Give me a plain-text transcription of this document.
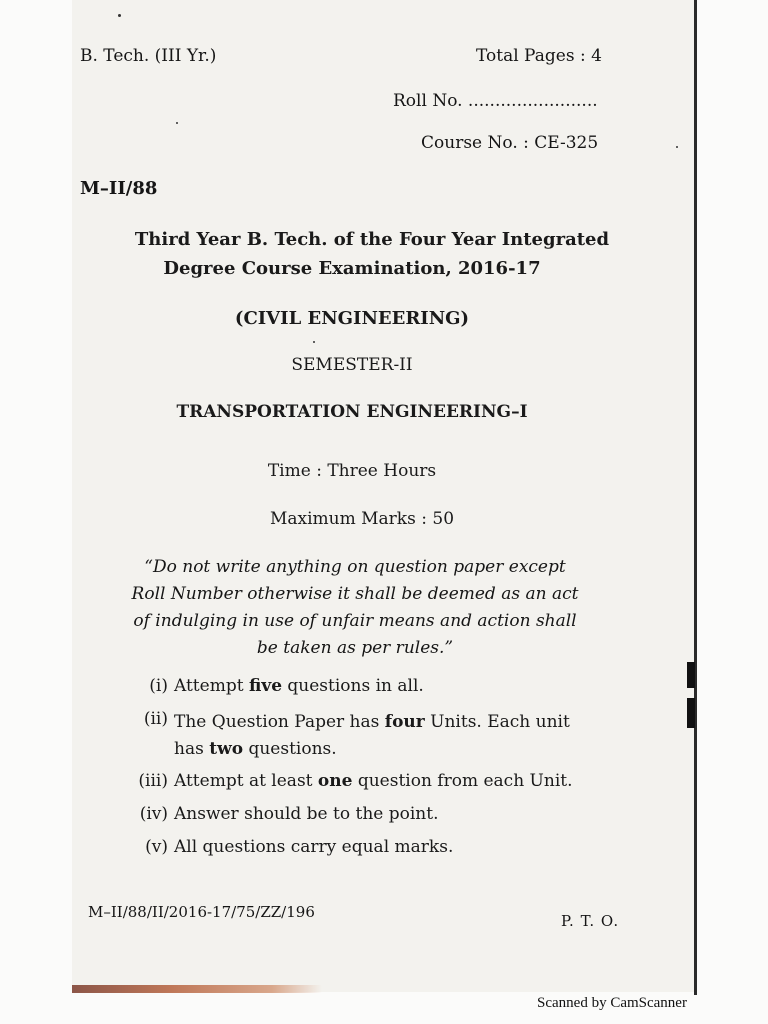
B. Tech. (III Yr.)	Total Pages : 4
Roll No. ........................
Course No. : CE-325
M–II/88
Third Year B. Tech. of the Four Year Integrated
Degree Course Examination, 2016-17
(CIVIL ENGINEERING)
SEMESTER-II
TRANSPORTATION ENGINEERING–I
Time : Three Hours
Maximum Marks : 50
“Do not write anything on question paper except
Roll Number otherwise it shall be deemed as an act
of indulging in use of unfair means and action shall
be taken as per rules.”
(i) Attempt five questions in all.
(ii) The Question Paper has four Units. Each unit
has two questions.
(iii) Attempt at least one question from each Unit.
(iv) Answer should be to the point.
(v) All questions carry equal marks.
M–II/88/II/2016-17/75/ZZ/196	P. T. O.
Scanned by CamScanner
